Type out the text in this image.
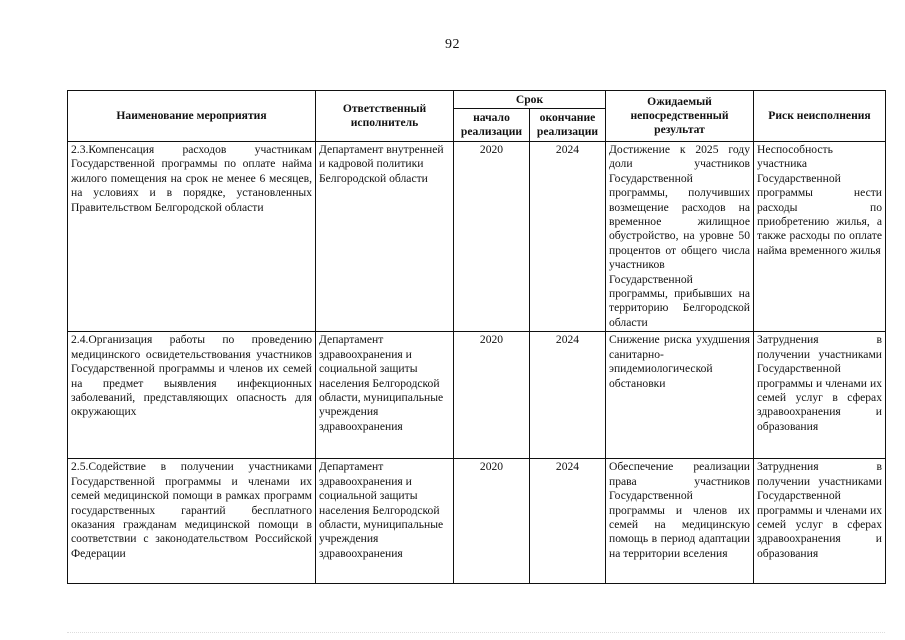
92
Наименование мероприятия	Ответственный исполнитель	Срок		Ожидаемый непосредственный результат	Риск неисполнения
		начало реализации	окончание реализации		
2.3.Компенсация расходов участникам Государственной программы по оплате найма жилого помещения на срок не менее 6 месяцев, на условиях и в порядке, установленных Правительством Белгородской области	Департамент внутренней и кадровой политики Белгородской области	2020	2024	Достижение к 2025 году доли участников Государственной программы, получивших возмещение расходов на временное жилищное обустройство, на уровне 50 процентов от общего числа участников Государственной программы, прибывших на территорию Белгородской области	Неспособность участника Государственной программы нести расходы по приобретению жилья, а также расходы по оплате найма временного жилья
2.4.Организация работы по проведению медицинского освидетельствования участников Государственной программы и членов их семей на предмет выявления инфекционных заболеваний, представляющих опасность для окружающих	Департамент здравоохранения и социальной защиты населения Белгородской области, муниципальные учреждения здравоохранения	2020	2024	Снижение риска ухудшения санитарно-эпидемиологической обстановки	Затруднения в получении участниками Государственной программы и членами их семей услуг в сферах здравоохранения и образования
2.5.Содействие в получении участниками Государственной программы и членами их семей медицинской помощи в рамках программ государственных гарантий бесплатного оказания гражданам медицинской помощи в соответствии с законодательством Российской Федерации	Департамент здравоохранения и социальной защиты населения Белгородской области, муниципальные учреждения здравоохранения	2020	2024	Обеспечение реализации права участников Государственной программы и членов их семей на медицинскую помощь в период адаптации на территории вселения	Затруднения в получении участниками Государственной программы и членами их семей услуг в сферах здравоохранения и образования
